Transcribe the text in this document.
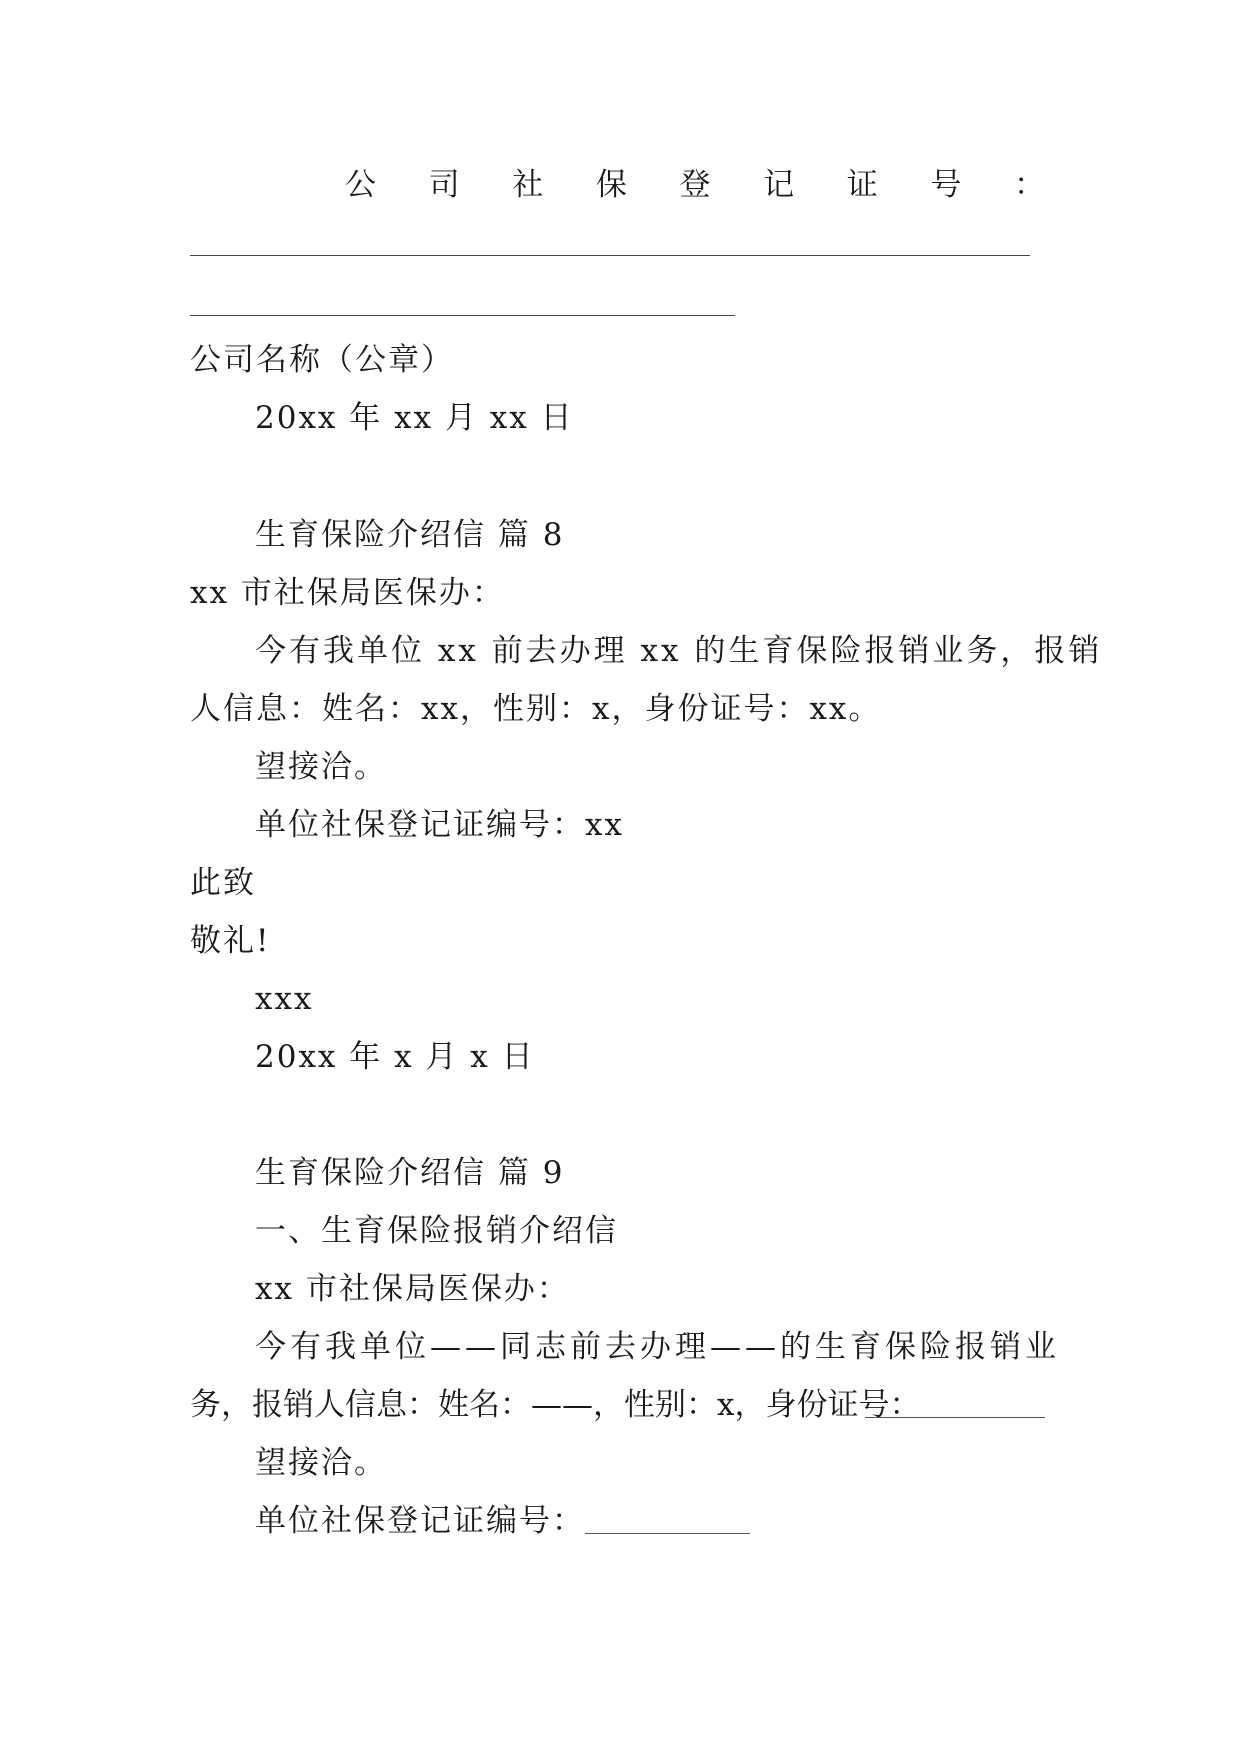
公 司 社 保 登 记 证 号 ：
公司名称（公章）
20xx 年 xx 月 xx 日
生育保险介绍信 篇 8
xx 市社保局医保办：
今有我单位 xx 前去办理 xx 的生育保险报销业务，报销
人信息：姓名：xx，性别：x，身份证号：xx。
望接洽。
单位社保登记证编号：xx
此致
敬礼!
xxx
20xx 年 x 月 x 日
生育保险介绍信 篇 9
一、生育保险报销介绍信
xx 市社保局医保办：
今有我单位——同志前去办理——的生育保险报销业
务，报销人信息：姓名：——，性别：x，身份证号：
望接洽。
单位社保登记证编号：
